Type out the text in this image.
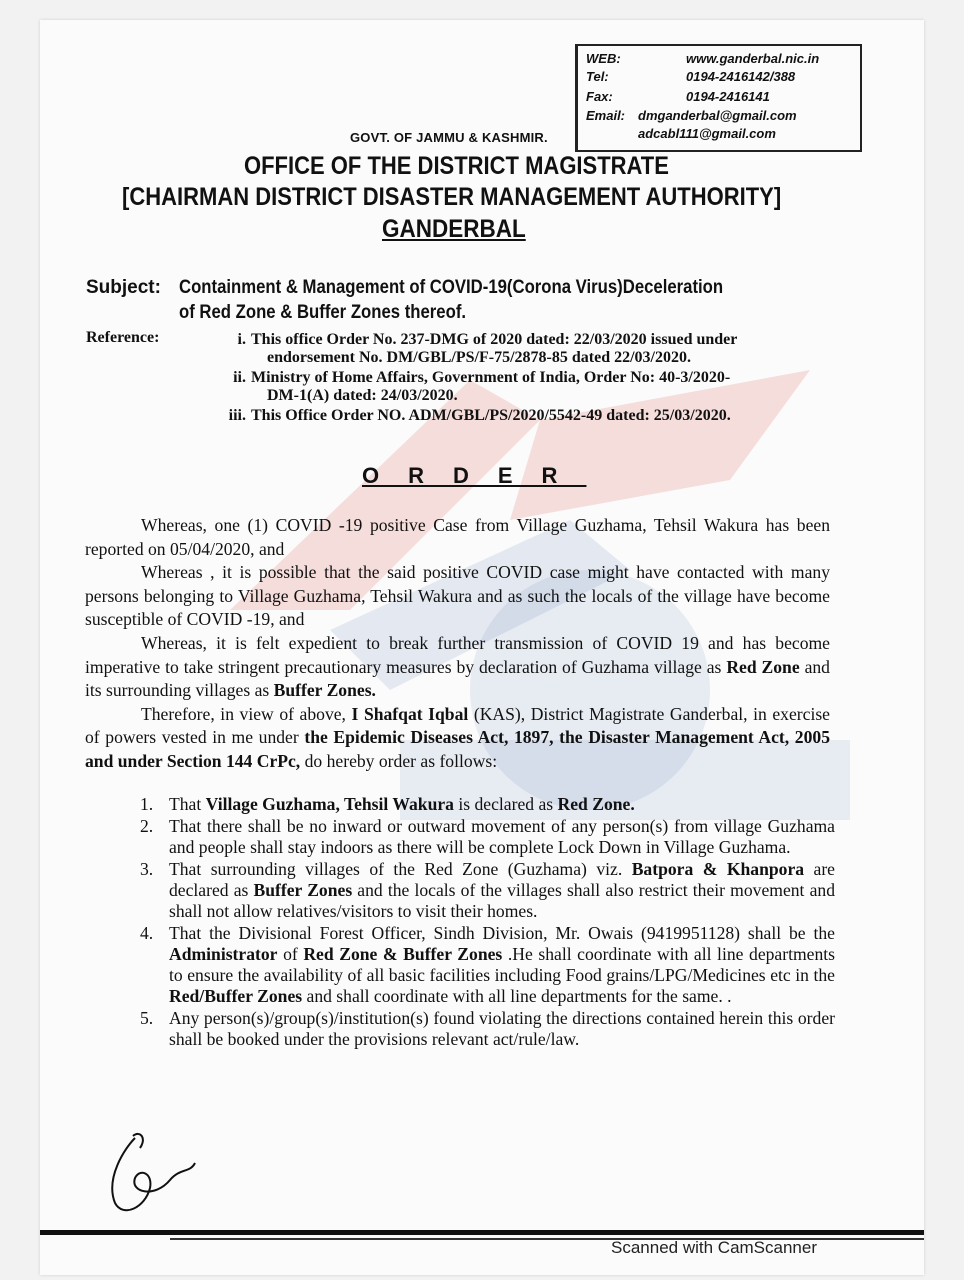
WEB:	www.ganderbal.nic.in
Tel:	0194-2416142/388
Fax:	0194-2416141
Email: dmganderbal@gmail.com
adcabl111@gmail.com
GOVT. OF JAMMU & KASHMIR.
OFFICE OF THE DISTRICT MAGISTRATE
[CHAIRMAN DISTRICT DISASTER MANAGEMENT AUTHORITY]
GANDERBAL
Subject: Containment & Management of COVID-19(Corona Virus)Deceleration
of Red Zone & Buffer Zones thereof.
Reference:	i. This office Order No. 237-DMG of 2020 dated: 22/03/2020 issued under
endorsement No. DM/GBL/PS/F-75/2878-85 dated 22/03/2020.
ii. Ministry of Home Affairs, Government of India, Order No: 40-3/2020-
DM-1(A) dated: 24/03/2020.
iii. This Office Order NO. ADM/GBL/PS/2020/5542-49 dated: 25/03/2020.
ORDER

Whereas, one (1) COVID -19 positive Case from Village Guzhama, Tehsil Wakura has been reported on 05/04/2020, and

Whereas , it is possible that the said positive COVID case might have contacted with many persons belonging to Village Guzhama, Tehsil Wakura and as such the locals of the village have become susceptible of COVID -19, and

Whereas, it is felt expedient to break further transmission of COVID 19 and has become imperative to take stringent precautionary measures by declaration of Guzhama village as Red Zone and its surrounding villages as Buffer Zones.

Therefore, in view of above, I Shafqat Iqbal (KAS), District Magistrate Ganderbal, in exercise of powers vested in me under the Epidemic Diseases Act, 1897, the Disaster Management Act, 2005 and under Section 144 CrPc, do hereby order as follows:

1. That Village Guzhama, Tehsil Wakura is declared as Red Zone.
2. That there shall be no inward or outward movement of any person(s) from village Guzhama and people shall stay indoors as there will be complete Lock Down in Village Guzhama.
3. That surrounding villages of the Red Zone (Guzhama) viz. Batpora & Khanpora are declared as Buffer Zones and the locals of the villages shall also restrict their movement and shall not allow relatives/visitors to visit their homes.
4. That the Divisional Forest Officer, Sindh Division, Mr. Owais (9419951128) shall be the Administrator of Red Zone & Buffer Zones .He shall coordinate with all line departments to ensure the availability of all basic facilities including Food grains/LPG/Medicines etc in the Red/Buffer Zones and shall coordinate with all line departments for the same. .
5. Any person(s)/group(s)/institution(s) found violating the directions contained herein this order shall be booked under the provisions relevant act/rule/law.
Scanned with CamScanner
